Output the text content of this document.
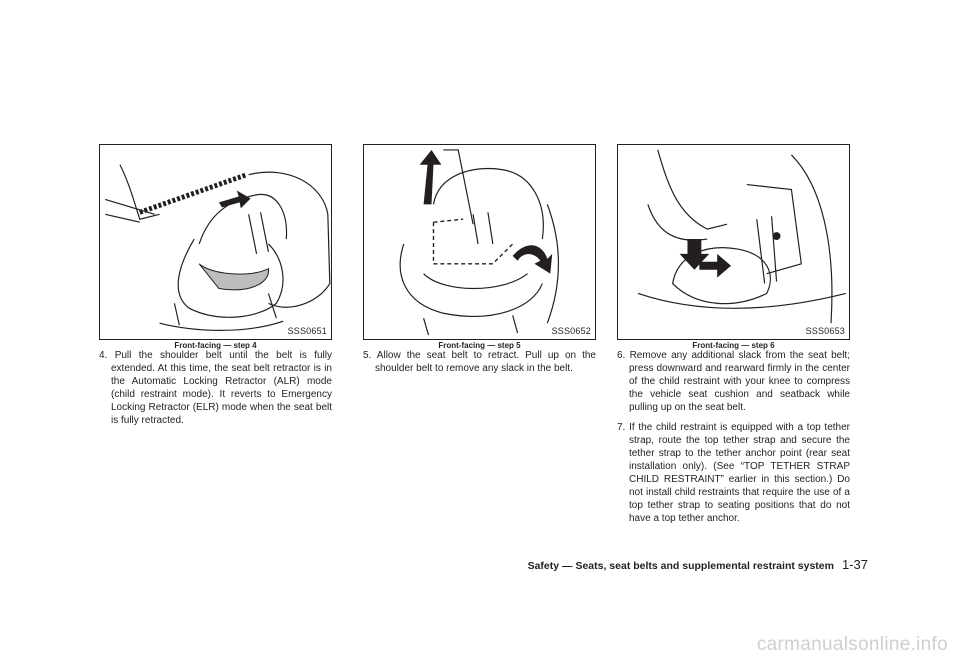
SSS0651
Front-facing — step 4

4. Pull the shoulder belt until the belt is fully extended. At this time, the seat belt retractor is in the Automatic Locking Retractor (ALR) mode (child restraint mode). It reverts to Emergency Locking Retractor (ELR) mode when the seat belt is fully retracted.

SSS0652
Front-facing — step 5

5. Allow the seat belt to retract. Pull up on the shoulder belt to remove any slack in the belt.

SSS0653
Front-facing — step 6

6. Remove any additional slack from the seat belt; press downward and rearward firmly in the center of the child restraint with your knee to compress the vehicle seat cushion and seatback while pulling up on the seat belt.

7. If the child restraint is equipped with a top tether strap, route the top tether strap and secure the tether strap to the tether anchor point (rear seat installation only). (See “TOP TETHER STRAP CHILD RESTRAINT” earlier in this section.) Do not install child restraints that require the use of a top tether strap to seating positions that do not have a top tether anchor.

Safety — Seats, seat belts and supplemental restraint system 1-37
carmanualsonline.info
